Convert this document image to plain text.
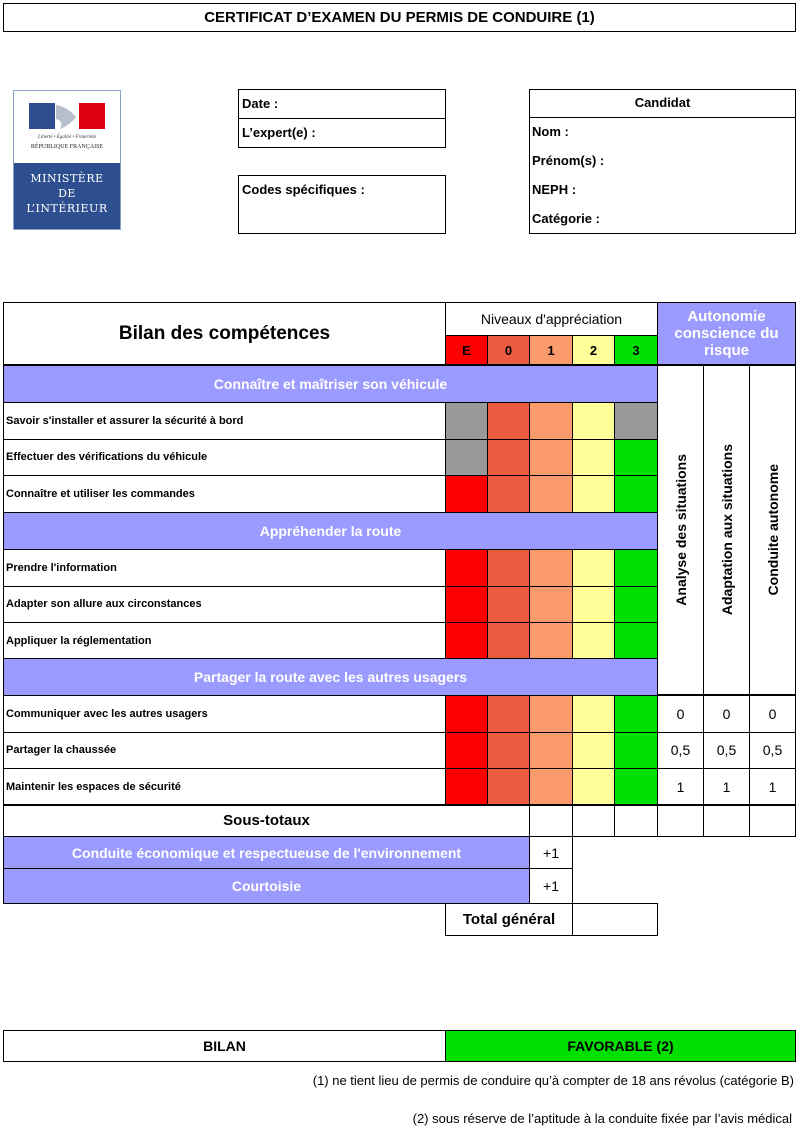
CERTIFICAT D’EXAMEN DU PERMIS DE CONDUIRE (1)
Liberté • Égalité • Fraternité
RÉPUBLIQUE FRANÇAISE
MINISTÈRE
DE
L’INTÉRIEUR
Date :
L’expert(e) :
Codes spécifiques :
Candidat
Nom :
Prénom(s) :
NEPH :
Catégorie :
Bilan des compétences
Niveaux d'appréciation
E	0	1	2	3
Autonomie conscience du risque
Connaître et maîtriser son véhicule
Savoir s'installer et assurer la sécurité à bord
Effectuer des vérifications du véhicule
Connaître et utiliser les commandes
Appréhender la route
Prendre l'information
Adapter son allure aux circonstances
Appliquer la réglementation
Partager la route avec les autres usagers
Communiquer avec les autres usagers	0	0	0
Partager la chaussée	0,5	0,5	0,5
Maintenir les espaces de sécurité	1	1	1
Analyse des situations Adaptation aux situations Conduite autonome
Sous-totaux
Conduite économique et respectueuse de l'environnement	+1
Courtoisie	+1
Total général
BILAN	FAVORABLE (2)
(1) ne tient lieu de permis de conduire qu’à compter de 18 ans révolus (catégorie B)
(2) sous réserve de l’aptitude à la conduite fixée par l’avis médical
